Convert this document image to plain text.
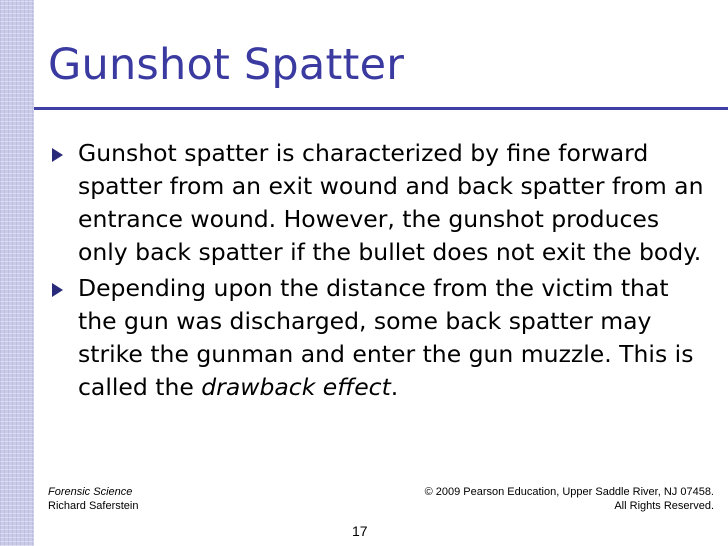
Gunshot Spatter
Gunshot spatter is characterized by fine forward spatter from an exit wound and back spatter from an entrance wound. However, the gunshot produces only back spatter if the bullet does not exit the body.
Depending upon the distance from the victim that the gun was discharged, some back spatter may strike the gunman and enter the gun muzzle. This is called the drawback effect.
Forensic Science
Richard Saferstein
17
© 2009 Pearson Education, Upper Saddle River, NJ 07458.
All Rights Reserved.
